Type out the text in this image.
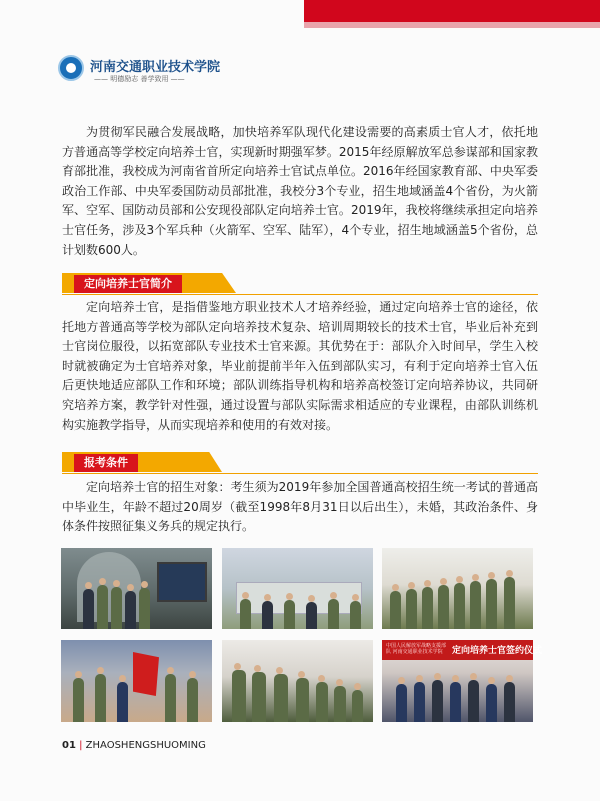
河南交通职业技术学院
—— 明德励志 善学致用 ——

为贯彻军民融合发展战略，加快培养军队现代化建设需要的高素质士官人才，依托地方普通高等学校定向培养士官，实现新时期强军梦。2015年经原解放军总参谋部和国家教育部批准，我校成为河南省首所定向培养士官试点单位。2016年经国家教育部、中央军委政治工作部、中央军委国防动员部批准，我校分3个专业，招生地域涵盖4个省份，为火箭军、空军、国防动员部和公安现役部队定向培养士官。2019年，我校将继续承担定向培养士官任务，涉及3个军兵种（火箭军、空军、陆军），4个专业，招生地域涵盖5个省份，总计划数600人。

定向培养士官简介

定向培养士官，是指借鉴地方职业技术人才培养经验，通过定向培养士官的途径，依托地方普通高等学校为部队定向培养技术复杂、培训周期较长的技术士官，毕业后补充到士官岗位服役，以拓宽部队专业技术士官来源。其优势在于：部队介入时间早，学生入校时就被确定为士官培养对象，毕业前提前半年入伍到部队实习，有利于定向培养士官入伍后更快地适应部队工作和环境；部队训练指导机构和培养高校签订定向培养协议，共同研究培养方案，教学针对性强，通过设置与部队实际需求相适应的专业课程，由部队训练机构实施教学指导，从而实现培养和使用的有效对接。

报考条件

定向培养士官的招生对象：考生须为2019年参加全国普通高校招生统一考试的普通高中毕业生，年龄不超过20周岁（截至1998年8月31日以后出生），未婚，其政治条件、身体条件按照征集义务兵的规定执行。

中国人民解放军战略支援部队 河南交通职业技术学院	定向培养士官签约仪式
01 | ZHAOSHENGSHUOMING
